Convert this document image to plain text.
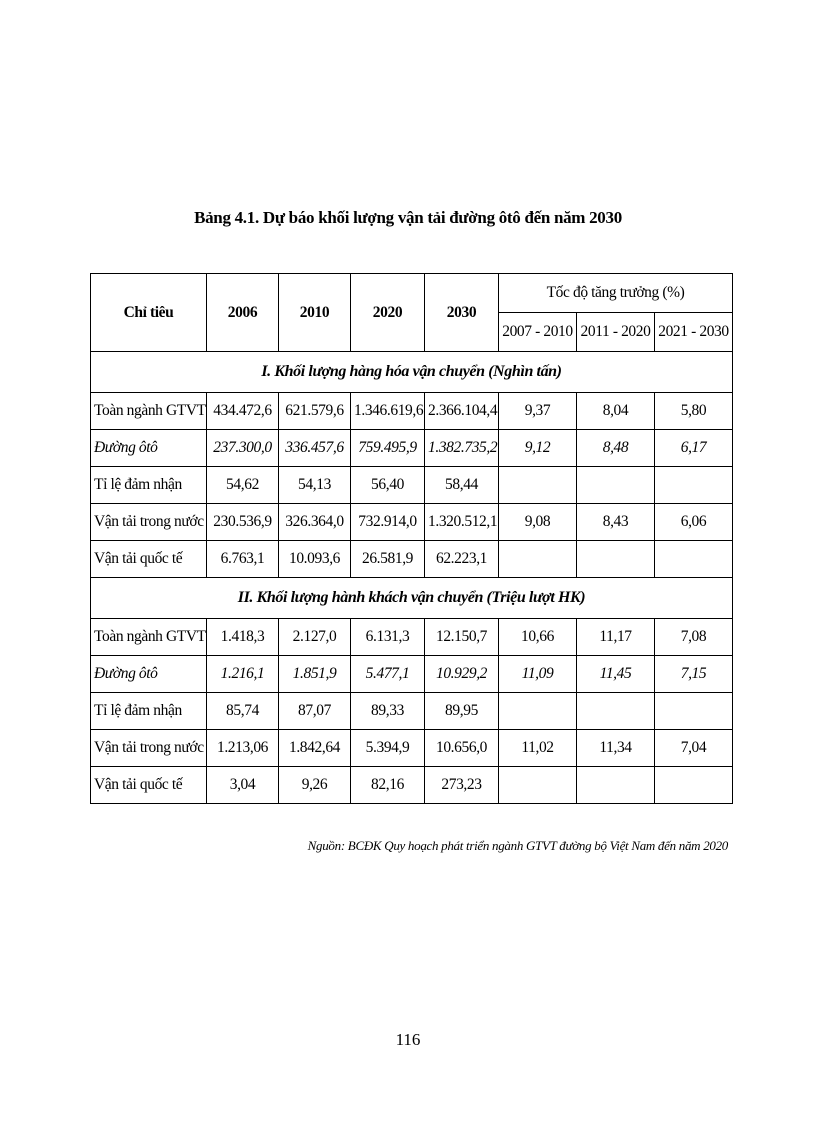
Bảng 4.1. Dự báo khối lượng vận tải đường ôtô đến năm 2030
Chỉ tiêu	2006	2010	2020	2030	Tốc độ tăng trưởng (%)		
					2007 - 2010	2011 - 2020	2021 - 2030
I. Khối lượng hàng hóa vận chuyển (Nghìn tấn)							
Toàn ngành GTVT	434.472,6	621.579,6	1.346.619,6	2.366.104,4	9,37	8,04	5,80
Đường ôtô	237.300,0	336.457,6	759.495,9	1.382.735,2	9,12	8,48	6,17
Tỉ lệ đảm nhận	54,62	54,13	56,40	58,44			
Vận tải trong nước	230.536,9	326.364,0	732.914,0	1.320.512,1	9,08	8,43	6,06
Vận tải quốc tế	6.763,1	10.093,6	26.581,9	62.223,1			
II. Khối lượng hành khách vận chuyển (Triệu lượt HK)							
Toàn ngành GTVT	1.418,3	2.127,0	6.131,3	12.150,7	10,66	11,17	7,08
Đường ôtô	1.216,1	1.851,9	5.477,1	10.929,2	11,09	11,45	7,15
Tỉ lệ đảm nhận	85,74	87,07	89,33	89,95			
Vận tải trong nước	1.213,06	1.842,64	5.394,9	10.656,0	11,02	11,34	7,04
Vận tải quốc tế	3,04	9,26	82,16	273,23			
Nguồn: BCĐK Quy hoạch phát triển ngành GTVT đường bộ Việt Nam đến năm 2020
116
